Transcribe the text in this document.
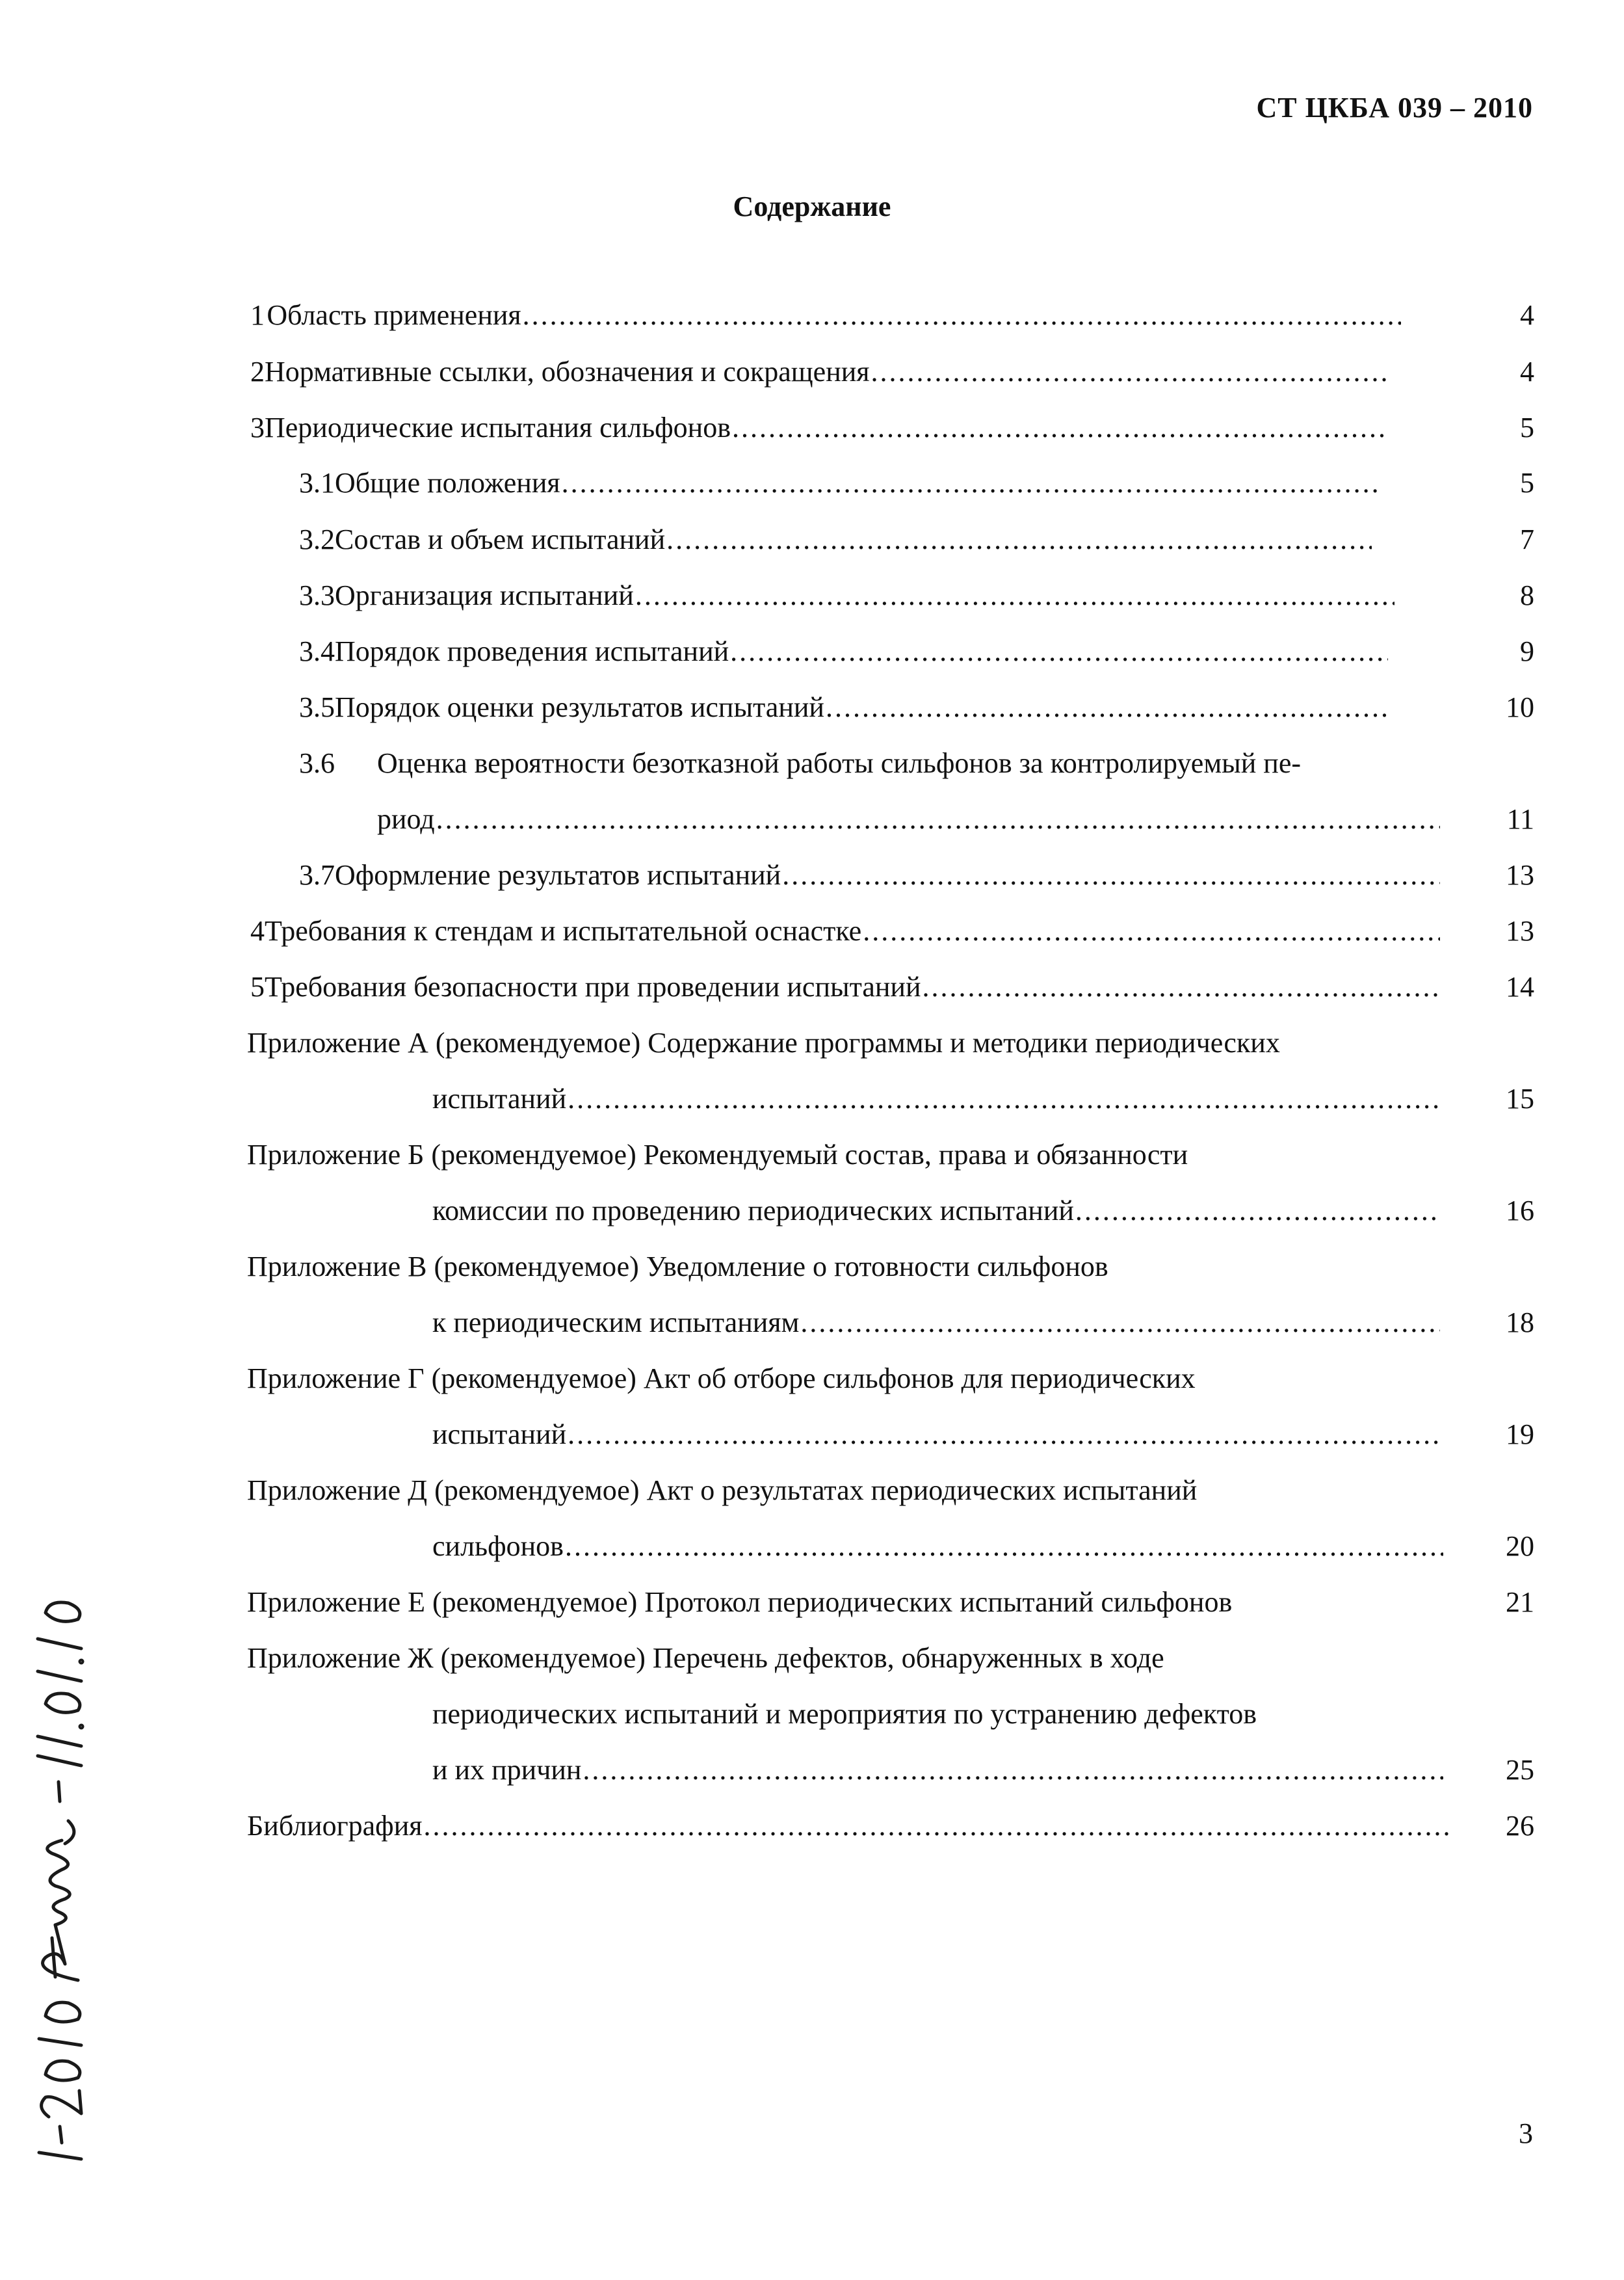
СТ ЦКБА 039 – 2010
Содержание
1 Область применения .....	4
2 Нормативные ссылки, обозначения и сокращения .....	4
3 Периодические испытания сильфонов .....	5
3.1 Общие положения .....	5
3.2 Состав и объем испытаний .....	7
3.3 Организация испытаний .....	8
3.4 Порядок проведения испытаний .....	9
3.5 Порядок оценки результатов испытаний .....	10
3.6	Оценка вероятности безотказной работы сильфонов за контролируемый пе-
риод .....	11
3.7 Оформление результатов испытаний .....	13
4 Требования к стендам и испытательной оснастке .....	13
5 Требования безопасности при проведении испытаний .....	14
Приложение А (рекомендуемое) Содержание программы и методики периодических
испытаний .....	15
Приложение Б (рекомендуемое) Рекомендуемый состав, права и обязанности
комиссии по проведению периодических испытаний .....	16
Приложение В (рекомендуемое) Уведомление о готовности сильфонов
к периодическим испытаниям .....	18
Приложение Г (рекомендуемое) Акт об отборе сильфонов для периодических
испытаний .....	19
Приложение Д (рекомендуемое) Акт о результатах периодических испытаний
сильфонов .....	20
Приложение Е (рекомендуемое) Протокол периодических испытаний сильфонов	21
Приложение Ж (рекомендуемое) Перечень дефектов, обнаруженных в ходе
периодических испытаний и мероприятия по устранению дефектов
и их причин .....	25
Библиография .....	26
3
